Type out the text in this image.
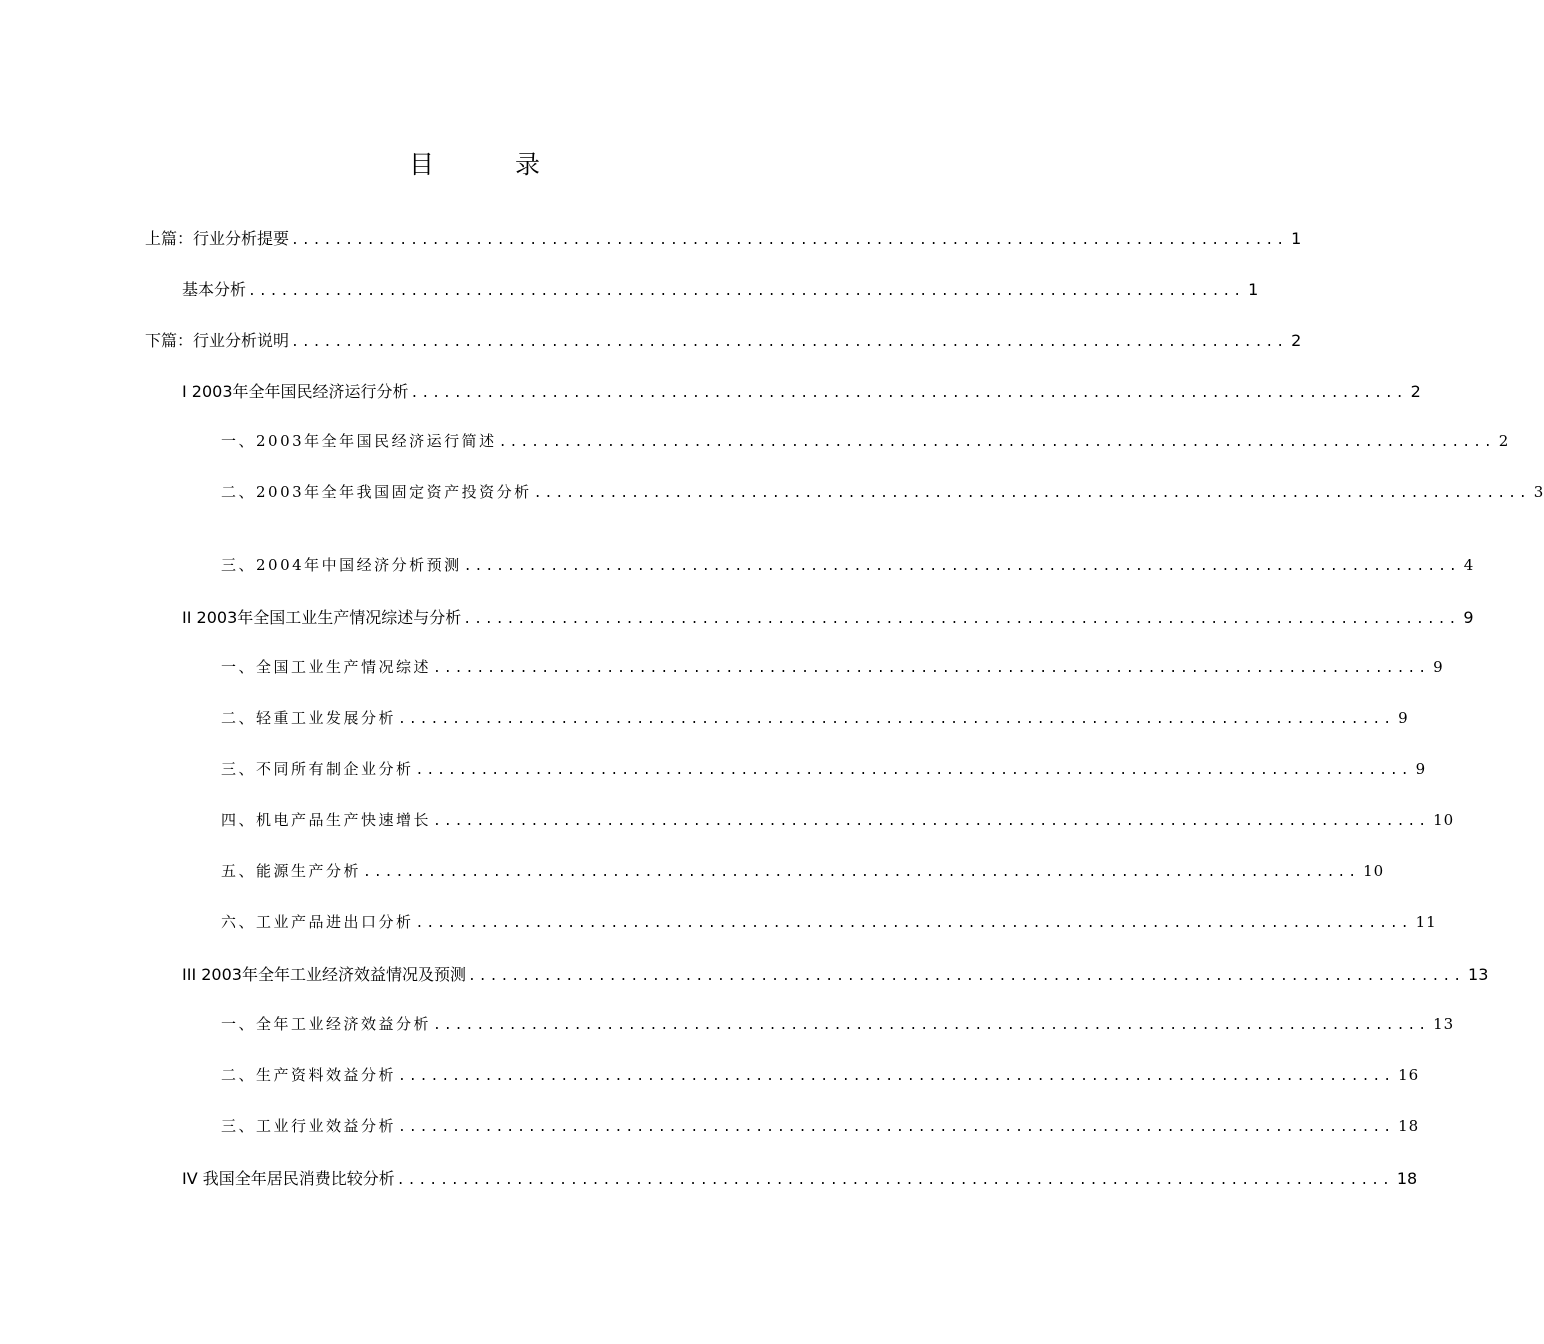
目	录
上篇：行业分析提要 ............................................................................................ 1
基本分析 ............................................................................................ 1
下篇：行业分析说明 ............................................................................................ 2
I 2003年全年国民经济运行分析 ............................................................................................ 2
一、2003年全年国民经济运行简述 ............................................................................................ 2
二、2003年全年我国固定资产投资分析 ............................................................................................ 3
三、2004年中国经济分析预测 ............................................................................................ 4
II 2003年全国工业生产情况综述与分析 ............................................................................................ 9
一、全国工业生产情况综述 ............................................................................................ 9
二、轻重工业发展分析 ............................................................................................ 9
三、不同所有制企业分析 ............................................................................................ 9
四、机电产品生产快速增长 ............................................................................................ 10
五、能源生产分析 ............................................................................................ 10
六、工业产品进出口分析 ............................................................................................ 11
III 2003年全年工业经济效益情况及预测 ............................................................................................ 13
一、全年工业经济效益分析 ............................................................................................ 13
二、生产资料效益分析 ............................................................................................ 16
三、工业行业效益分析 ............................................................................................ 18
IV 我国全年居民消费比较分析 ............................................................................................ 18
